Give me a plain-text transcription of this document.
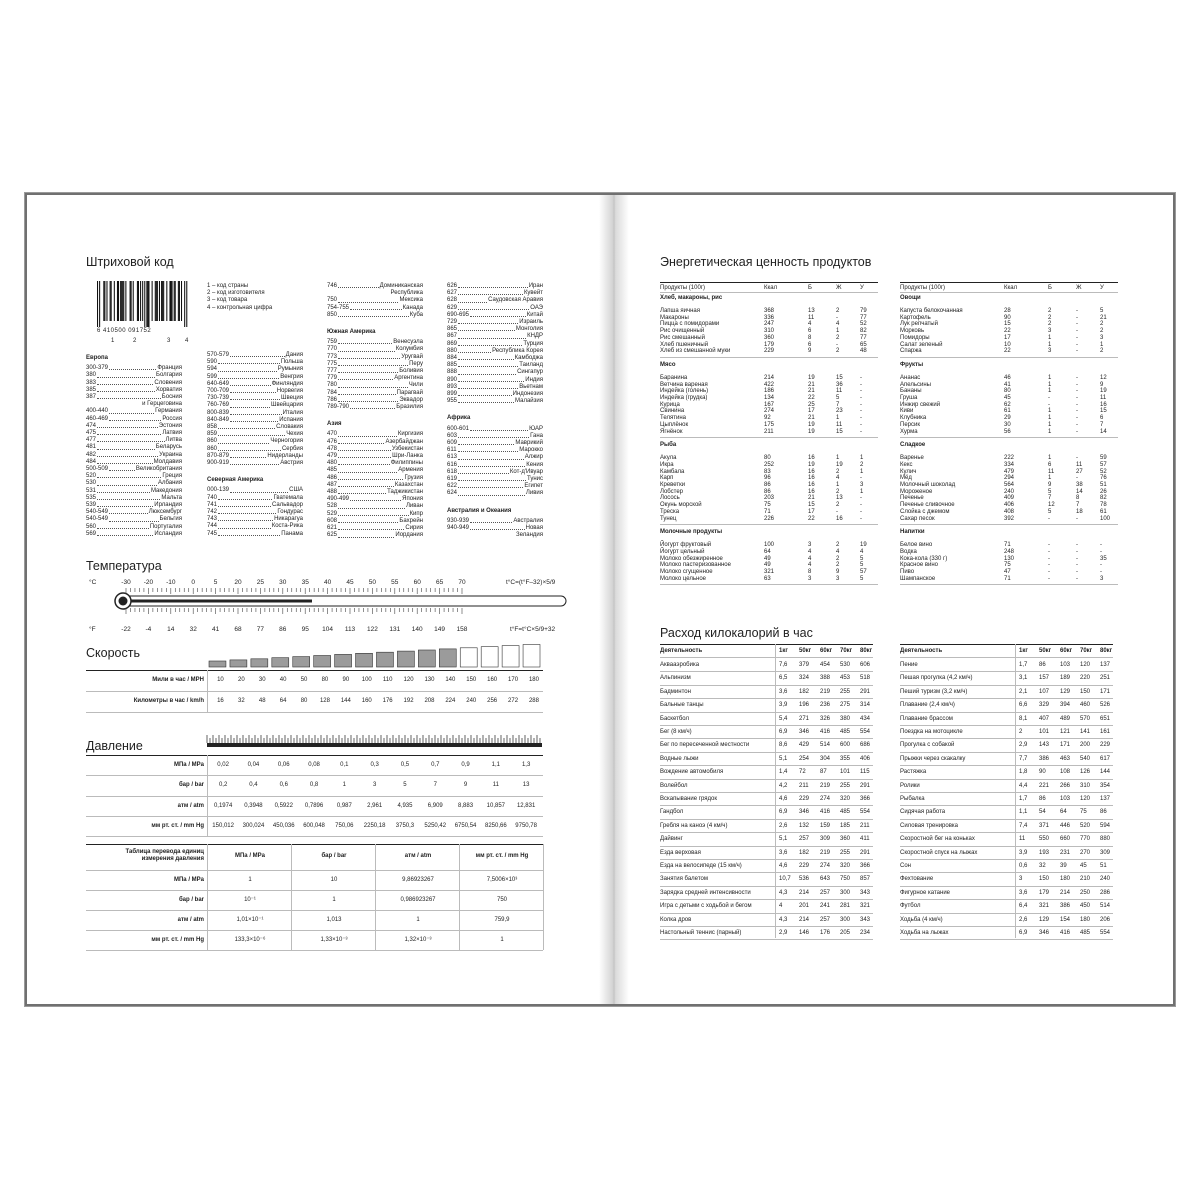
Штриховой код
6 410500 091752
1	2	3 4
1 – код страны
2 – код изготовителя
3 – код товара
4 – контрольная цифра
Европа
300-379	Франция
380	Болгария
383	Словения
385	Хорватия
387	Босния
и Герцеговина
400-440	Германия
460-469	Россия
474	Эстония
475	Латвия
477	Литва
481	Беларусь
482	Украина
484	Молдавия
500-509	Великобритания
520	Греция
530	Албания
531	Македония
535	Мальта
539	Ирландия
540-549	Люксембург
540-549	Бельгия
560	Португалия
569	Исландия
570-579	Дания
590	Польша
594	Румыния
599	Венгрия
640-649	Финляндия
700-709	Норвегия
730-739	Швеция
760-769	Швейцария
800-839	Италия
840-849	Испания
858	Словакия
859	Чехия
860	Черногория
860	Сербия
870-879	Нидерланды
900-919	Австрия
Северная Америка
000-139	США
740	Гватемала
741	Сальвадор
742	Гондурас
743	Никарагуа
744	Коста-Рика
745	Панама
746	Доминиканская
Республика
750	Мексика
754-755	Канада
850	Куба
Южная Америка
759	Венесуэла
770	Колумбия
773	Уругвай
775	Перу
777	Боливия
779	Аргентина
780	Чили
784	Парагвай
786	Эквадор
789-790	Бразилия
Азия
470	Киргизия
476	Азербайджан
478	Узбекистан
479	Шри-Ланка
480	Филиппины
485	Армения
486	Грузия
487	Казахстан
488	Таджикистан
490-499	Япония
528	Ливан
529	Кипр
608	Бахрейн
621	Сирия
625	Иордания
626	Иран
627	Кувейт
628	Саудовская Аравия
629	ОАЭ
690-695	Китай
729	Израиль
865	Монголия
867	КНДР
869	Турция
880	Республика Корея
884	Камбоджа
885	Таиланд
888	Сингапур
890	Индия
893	Вьетнам
899	Индонезия
955	Малайзия
Африка
600-601	ЮАР
603	Гана
609	Маврикий
611	Марокко
613	Алжир
616	Кения
618	Кот-д'Ивуар
619	Тунис
622	Египет
624	Ливия
Австралия и Океания
930-939	Австралия
940-949	Новая
Зеландия
Температура
°С
°F
-30 -20 -10 0	5	20 25 30 35 40 45 50 55 60 65 70
-22 -4 14 32 41 68 77 86 95 104 113 122 131 140 149 158
t°C=(t°F–32)×5/9
t°F=t°C×5/9+32
Скорость
Мили в час / MPH
Километры в час / km/h
10	20	30	40	50	80	90	100	110	120	130	140	150	160	170	180
16	32	48	64	80	128	144	160	176	192	208	224	240	256	272	288
Давление
МПа / MPa	0,02	0,04	0,06	0,08	0,1	0,3	0,5	0,7	0,9	1,1	1,3
бар / bar	0,2	0,4	0,6	0,8	1	3	5	7	9	11	13
атм / atm	0,1974	0,3948	0,5922	0,7896	0,987	2,961	4,935	6,909	8,883	10,857	12,831
мм рт. ст. / mm Hg	150,012	300,024	450,036	600,048	750,06	2250,18	3750,3	5250,42	6750,54	8250,66	9750,78
Таблица перевода единиц измерения давления	МПа / MPa	бар / bar	атм / atm	мм рт. ст. / mm Hg
МПа / MPa	1	10	9,86923267	7,5006×10³
бар / bar	10⁻¹	1	0,986923267	750
атм / atm	1,01×10⁻¹	1,013	1	759,9
мм рт. ст. / mm Hg	133,3×10⁻⁶	1,33×10⁻³	1,32×10⁻³	1
Энергетическая ценность продуктов
Продукты (100г)	Ккал	Б	Ж	У
Хлеб, макароны, рис
Лапша яичная	368	13	2	79
Макароны	336	11	-	77
Пицца с помидорами	247	4	4	52
Рис очищенный	310	6	1	82
Рис смешанный	360	8	2	77
Хлеб пшеничный	179	6	-	65
Хлеб из смешанной муки	229	9	2	48
Мясо
Баранина	214	19	15	-
Ветчина вареная	422	21	36	-
Индейка (голень)	186	21	11	-
Индейка (грудка)	134	22	5	-
Курица	167	25	7	-
Свинина	274	17	23	-
Телятина	92	21	1	-
Цыплёнок	175	19	11	-
Ягнёнок	211	19	15	-
Рыба
Акула	80	16	1	1
Икра	252	19	19	2
Камбала	83	16	2	1
Карп	96	16	4	-
Креветки	86	16	1	3
Лобстер	86	16	2	1
Лосось	203	21	13	-
Окунь морской	75	15	2	-
Треска	71	17	-	-
Тунец	226	22	16	-
Молочные продукты
Йогурт фруктовый	100	3	2	19
Йогурт цельный	64	4	4	4
Молоко обезжиренное	49	4	2	5
Молоко пастеризованное	49	4	2	5
Молоко сгущенное	321	8	9	57
Молоко цельное	63	3	3	5
Продукты (100г)	Ккал	Б	Ж	У
Овощи
Капуста белокочанная	28	2	-	5
Картофель	90	2	-	21
Лук репчатый	15	2	-	2
Морковь	22	3	-	2
Помидоры	17	1	-	3
Салат зеленый	10	1	-	1
Спаржа	22	3	-	2
Фрукты
Ананас	46	1	-	12
Апельсины	41	1	-	9
Бананы	80	1	-	19
Груша	45	-	-	11
Инжир свежий	62	-	-	16
Киви	61	1	-	15
Клубника	29	1	-	6
Персик	30	1	-	7
Хурма	56	1	-	14
Сладкое
Варенье	222	1	-	59
Кекс	334	6	11	57
Кулич	479	11	27	52
Мёд	294	1	-	76
Молочный шоколад	564	9	38	51
Мороженое	240	5	14	26
Печенье	409	7	8	82
Печенье сливочное	406	12	7	78
Слойка с джемом	408	5	18	61
Сахар песок	392	-	-	100
Напитки
Белое вино	71	-	-	-
Водка	248	-	-	-
Кока-кола (330 г)	130	-	-	35
Красное вино	75	-	-	-
Пиво	47	-	-	-
Шампанское	71	-	-	3
Расход килокалорий в час
Деятельность	1кг 50кг 60кг 70кг 80кг
Аквааэробика	7,6 379 454 530 606
Альпинизм	6,5 324 388 453 518
Бадминтон	3,6 182 219 255 291
Бальные танцы	3,9 196 236 275 314
Баскетбол	5,4 271 326 380 434
Бег (8 км/ч)	6,9 346 416 485 554
Бег по пересеченной местности	8,6 429 514 600 686
Водные лыжи	5,1 254 304 355 406
Вождение автомобиля	1,4 72 87 101 115
Волейбол	4,2 211 219 255 291
Вскапывание грядок	4,6 229 274 320 366
Гандбол	6,9 346 416 485 554
Гребля на каноэ (4 км/ч)	2,6 132 159 185 211
Дайвинг	5,1 257 309 360 411
Езда верховая	3,6 182 219 255 291
Езда на велосипеде (15 км/ч)	4,6 229 274 320 366
Занятия балетом	10,7 536 643 750 857
Зарядка средней интенсивности	4,3 214 257 300 343
Игра с детьми с ходьбой и бегом	4	201 241 281 321
Колка дров	4,3 214 257 300 343
Настольный теннис (парный)	2,9 146 176 205 234
Деятельность	1кг 50кг 60кг 70кг 80кг
Пение	1,7 86 103 120 137
Пешая прогулка (4,2 км/ч)	3,1 157 189 220 251
Пеший туризм (3,2 км/ч)	2,1 107 129 150 171
Плавание (2,4 км/ч)	6,6 329 394 460 526
Плавание брассом	8,1 407 489 570 651
Поездка на мотоцикле	2	101 121 141 161
Прогулка с собакой	2,9 143 171 200 229
Прыжки через скакалку	7,7 386 463 540 617
Растяжка	1,8 90 108 126 144
Ролики	4,4 221 266 310 354
Рыбалка	1,7 86 103 120 137
Сидячая работа	1,1 54 64 75 86
Силовая тренировка	7,4 371 446 520 594
Скоростной бег на коньках	11 550 660 770 880
Скоростной спуск на лыжах	3,9 193 231 270 309
Сон	0,6 32 39 45 51
Фехтование	3	150 180 210 240
Фигурное катание	3,6 179 214 250 286
Футбол	6,4 321 386 450 514
Ходьба (4 км/ч)	2,6 129 154 180 206
Ходьба на лыжах	6,9 346 416 485 554
